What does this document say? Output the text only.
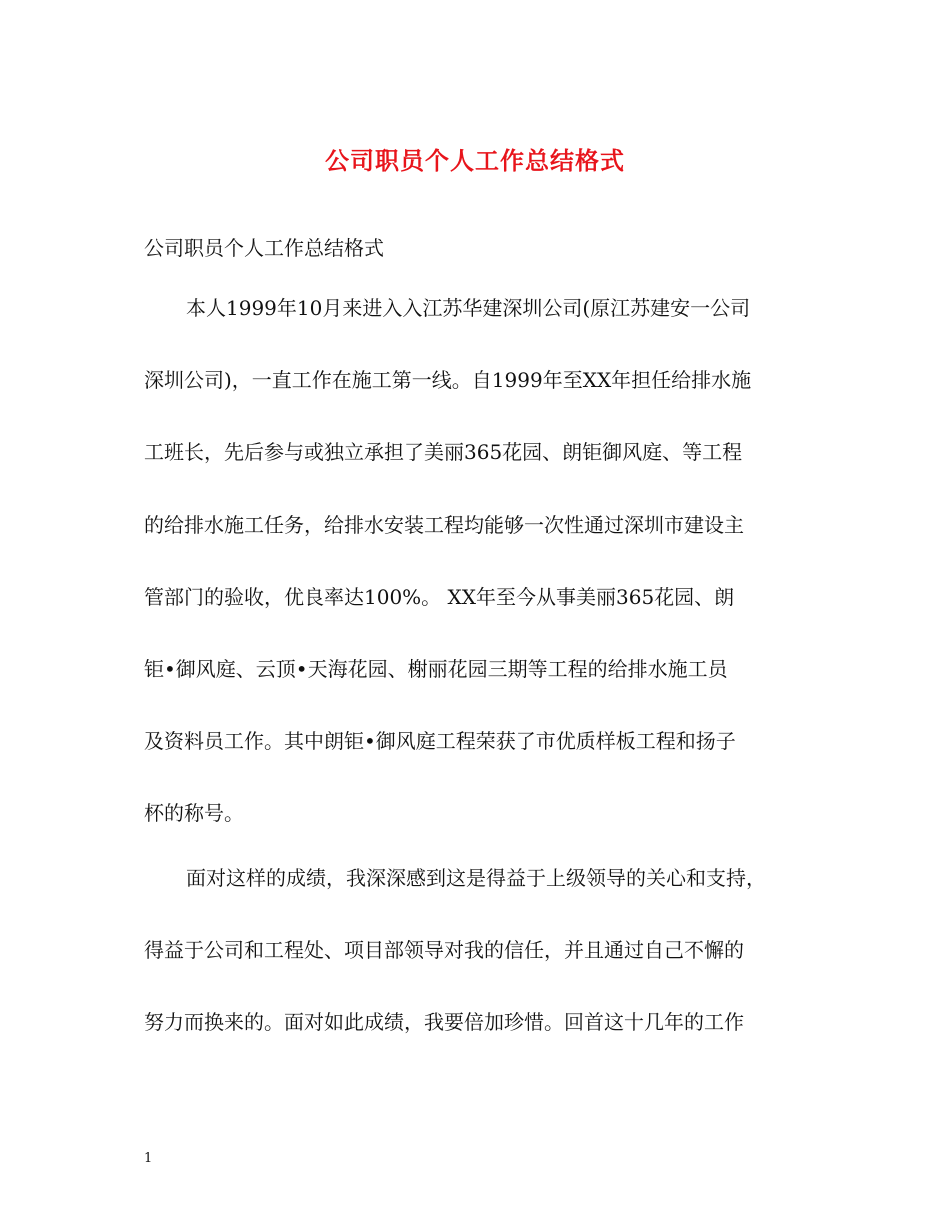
公司职员个人工作总结格式
公司职员个人工作总结格式
本人1999年10月来进入入江苏华建深圳公司(原江苏建安一公司
深圳公司)，一直工作在施工第一线。自1999年至XX年担任给排水施
工班长，先后参与或独立承担了美丽365花园、朗钜御风庭、等工程
的给排水施工任务，给排水安装工程均能够一次性通过深圳市建设主
管部门的验收，优良率达100%。 XX年至今从事美丽365花园、朗
钜•御风庭、云顶•天海花园、榭丽花园三期等工程的给排水施工员
及资料员工作。其中朗钜•御风庭工程荣获了市优质样板工程和扬子
杯的称号。
面对这样的成绩，我深深感到这是得益于上级领导的关心和支持，
得益于公司和工程处、项目部领导对我的信任，并且通过自己不懈的
努力而换来的。面对如此成绩，我要倍加珍惜。回首这十几年的工作
1
